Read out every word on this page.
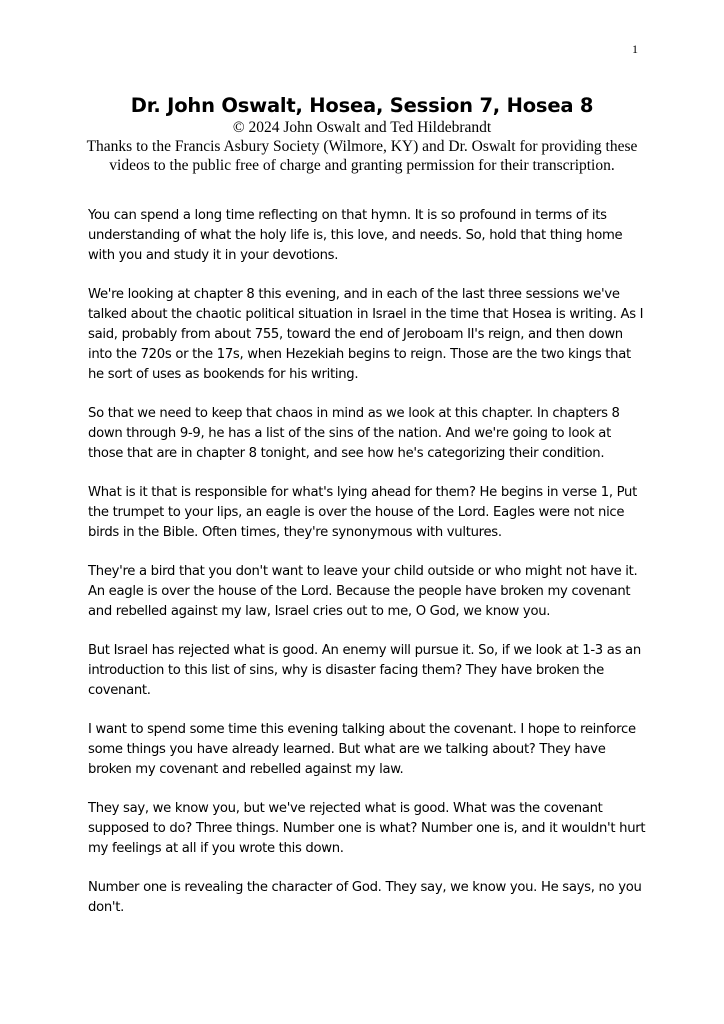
1
Dr. John Oswalt, Hosea, Session 7, Hosea 8
© 2024 John Oswalt and Ted Hildebrandt
Thanks to the Francis Asbury Society (Wilmore, KY) and Dr. Oswalt for providing these videos to the public free of charge and granting permission for their transcription.

You can spend a long time reflecting on that hymn. It is so profound in terms of its understanding of what the holy life is, this love, and needs. So, hold that thing home with you and study it in your devotions.

We're looking at chapter 8 this evening, and in each of the last three sessions we've talked about the chaotic political situation in Israel in the time that Hosea is writing. As I said, probably from about 755, toward the end of Jeroboam II's reign, and then down into the 720s or the 17s, when Hezekiah begins to reign. Those are the two kings that he sort of uses as bookends for his writing.

So that we need to keep that chaos in mind as we look at this chapter. In chapters 8 down through 9-9, he has a list of the sins of the nation. And we're going to look at those that are in chapter 8 tonight, and see how he's categorizing their condition.

What is it that is responsible for what's lying ahead for them? He begins in verse 1, Put the trumpet to your lips, an eagle is over the house of the Lord. Eagles were not nice birds in the Bible. Often times, they're synonymous with vultures.

They're a bird that you don't want to leave your child outside or who might not have it. An eagle is over the house of the Lord. Because the people have broken my covenant and rebelled against my law, Israel cries out to me, O God, we know you.

But Israel has rejected what is good. An enemy will pursue it. So, if we look at 1-3 as an introduction to this list of sins, why is disaster facing them? They have broken the covenant.

I want to spend some time this evening talking about the covenant. I hope to reinforce some things you have already learned. But what are we talking about? They have broken my covenant and rebelled against my law.

They say, we know you, but we've rejected what is good. What was the covenant supposed to do? Three things. Number one is what? Number one is, and it wouldn't hurt my feelings at all if you wrote this down.

Number one is revealing the character of God. They say, we know you. He says, no you don't.
